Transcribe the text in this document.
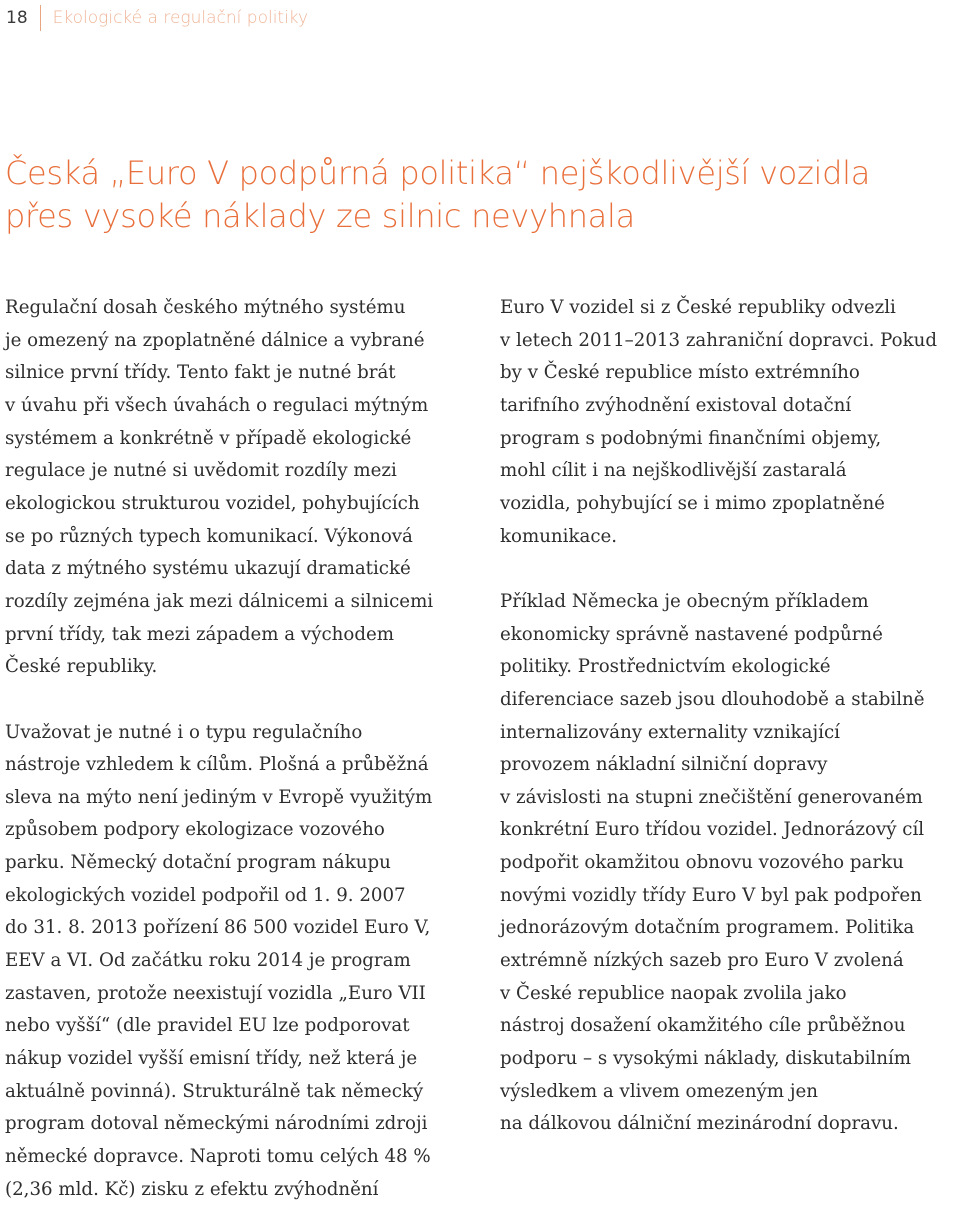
18	Ekologické a regulační politiky
Česká „Euro V podpůrná politika“ nejškodlivější vozidla
přes vysoké náklady ze silnic nevyhnala

Regulační dosah českého mýtného systému
je omezený na zpoplatněné dálnice a vybrané
silnice první třídy. Tento fakt je nutné brát
v úvahu při všech úvahách o regulaci mýtným
systémem a konkrétně v případě ekologické
regulace je nutné si uvědomit rozdíly mezi
ekologickou strukturou vozidel, pohybujících
se po různých typech komunikací. Výkonová
data z mýtného systému ukazují dramatické
rozdíly zejména jak mezi dálnicemi a silnicemi
první třídy, tak mezi západem a východem
České republiky.

Uvažovat je nutné i o typu regulačního
nástroje vzhledem k cílům. Plošná a průběžná
sleva na mýto není jediným v Evropě využitým
způsobem podpory ekologizace vozového
parku. Německý dotační program nákupu
ekologických vozidel podpořil od 1. 9. 2007
do 31. 8. 2013 pořízení 86 500 vozidel Euro V,
EEV a VI. Od začátku roku 2014 je program
zastaven, protože neexistují vozidla „Euro VII
nebo vyšší“ (dle pravidel EU lze podporovat
nákup vozidel vyšší emisní třídy, než která je
aktuálně povinná). Strukturálně tak německý
program dotoval německými národními zdroji
německé dopravce. Naproti tomu celých 48 %
(2,36 mld. Kč) zisku z efektu zvýhodnění

Euro V vozidel si z České republiky odvezli
v letech 2011–2013 zahraniční dopravci. Pokud
by v České republice místo extrémního
tarifního zvýhodnění existoval dotační
program s podobnými finančními objemy,
mohl cílit i na nejškodlivější zastaralá
vozidla, pohybující se i mimo zpoplatněné
komunikace.

Příklad Německa je obecným příkladem
ekonomicky správně nastavené podpůrné
politiky. Prostřednictvím ekologické
diferenciace sazeb jsou dlouhodobě a stabilně
internalizovány externality vznikající
provozem nákladní silniční dopravy
v závislosti na stupni znečištění generovaném
konkrétní Euro třídou vozidel. Jednorázový cíl
podpořit okamžitou obnovu vozového parku
novými vozidly třídy Euro V byl pak podpořen
jednorázovým dotačním programem. Politika
extrémně nízkých sazeb pro Euro V zvolená
v České republice naopak zvolila jako
nástroj dosažení okamžitého cíle průběžnou
podporu – s vysokými náklady, diskutabilním
výsledkem a vlivem omezeným jen
na dálkovou dálniční mezinárodní dopravu.
